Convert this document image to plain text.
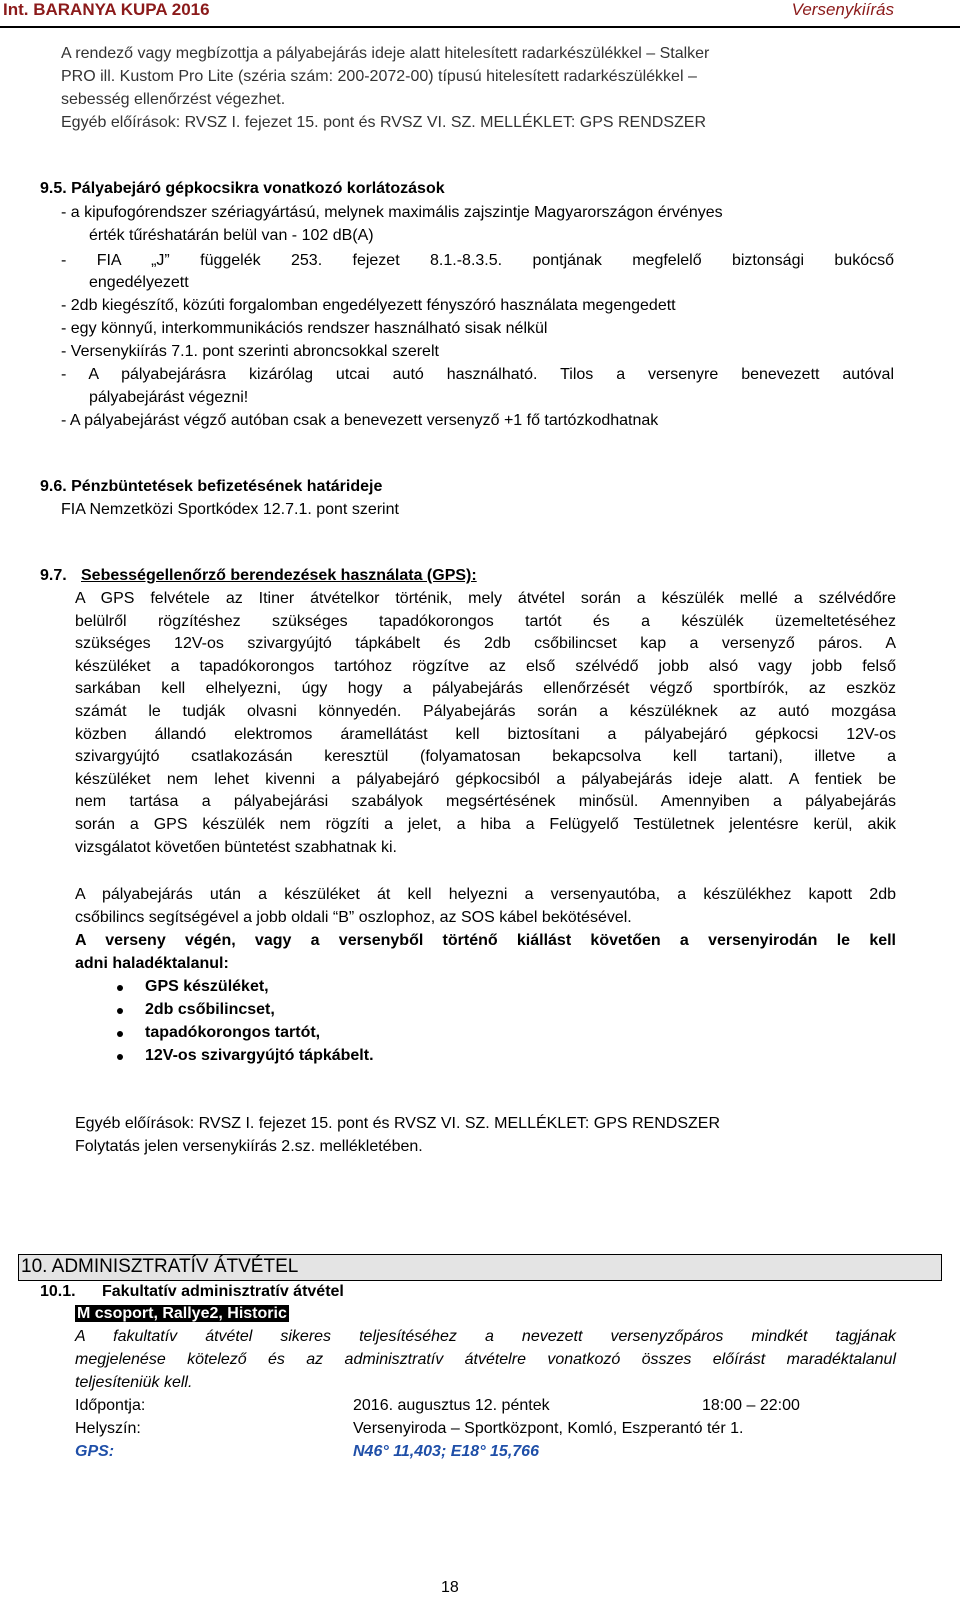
Int. BARANYA KUPA 2016	Versenykiírás
A rendező vagy megbízottja a pályabejárás ideje alatt hitelesített radarkészülékkel – Stalker
PRO ill. Kustom Pro Lite (széria szám: 200-2072-00) típusú hitelesített radarkészülékkel –
sebesség ellenőrzést végezhet.
Egyéb előírások: RVSZ I. fejezet 15. pont és RVSZ VI. SZ. MELLÉKLET: GPS RENDSZER
9.5. Pályabejáró gépkocsikra vonatkozó korlátozások
- a kipufogórendszer szériagyártású, melynek maximális zajszintje Magyarországon érvényes
érték tűréshatárán belül van - 102 dB(A)
- FIA „J” függelék 253. fejezet 8.1.-8.3.5. pontjának megfelelő biztonsági bukócső
engedélyezett
- 2db kiegészítő, közúti forgalomban engedélyezett fényszóró használata megengedett
- egy könnyű, interkommunikációs rendszer használható sisak nélkül
- Versenykiírás 7.1. pont szerinti abroncsokkal szerelt
- A pályabejárásra kizárólag utcai autó használható. Tilos a versenyre benevezett autóval
pályabejárást végezni!
- A pályabejárást végző autóban csak a benevezett versenyző +1 fő tartózkodhatnak
9.6. Pénzbüntetések befizetésének határideje
FIA Nemzetközi Sportkódex 12.7.1. pont szerint
9.7. Sebességellenőrző berendezések használata (GPS):
A GPS felvétele az Itiner átvételkor történik, mely átvétel során a készülék mellé a szélvédőre
belülről rögzítéshez szükséges tapadókorongos tartót és a készülék üzemeltetéséhez
szükséges 12V-os szivargyújtó tápkábelt és 2db csőbilincset kap a versenyző páros. A
készüléket a tapadókorongos tartóhoz rögzítve az első szélvédő jobb alsó vagy jobb felső
sarkában kell elhelyezni, úgy hogy a pályabejárás ellenőrzését végző sportbírók, az eszköz
számát le tudják olvasni könnyedén. Pályabejárás során a készüléknek az autó mozgása
közben állandó elektromos áramellátást kell biztosítani a pályabejáró gépkocsi 12V-os
szivargyújtó csatlakozásán keresztül (folyamatosan bekapcsolva kell tartani), illetve a
készüléket nem lehet kivenni a pályabejáró gépkocsiból a pályabejárás ideje alatt. A fentiek be
nem tartása a pályabejárási szabályok megsértésének minősül. Amennyiben a pályabejárás
során a GPS készülék nem rögzíti a jelet, a hiba a Felügyelő Testületnek jelentésre kerül, akik
vizsgálatot követően büntetést szabhatnak ki.
A pályabejárás után a készüléket át kell helyezni a versenyautóba, a készülékhez kapott 2db
csőbilincs segítségével a jobb oldali “B” oszlophoz, az SOS kábel bekötésével.
A verseny végén, vagy a versenyből történő kiállást követően a versenyirodán le kell
adni haladéktalanul:
GPS készüléket,
2db csőbilincset,
tapadókorongos tartót,
12V-os szivargyújtó tápkábelt.
Egyéb előírások: RVSZ I. fejezet 15. pont és RVSZ VI. SZ. MELLÉKLET: GPS RENDSZER
Folytatás jelen versenykiírás 2.sz. mellékletében.
10. ADMINISZTRATÍV ÁTVÉTEL
10.1. Fakultatív adminisztratív átvétel
M csoport, Rallye2, Historic
A fakultatív átvétel sikeres teljesítéséhez a nevezett versenyzőpáros mindkét tagjának
megjelenése kötelező és az adminisztratív átvételre vonatkozó összes előírást maradéktalanul
teljesíteniük kell.
Időpontja:	2016. augusztus 12. péntek	18:00 – 22:00
Helyszín:	Versenyiroda – Sportközpont, Komló, Eszperantó tér 1.
GPS:	N46° 11,403; E18° 15,766
18
